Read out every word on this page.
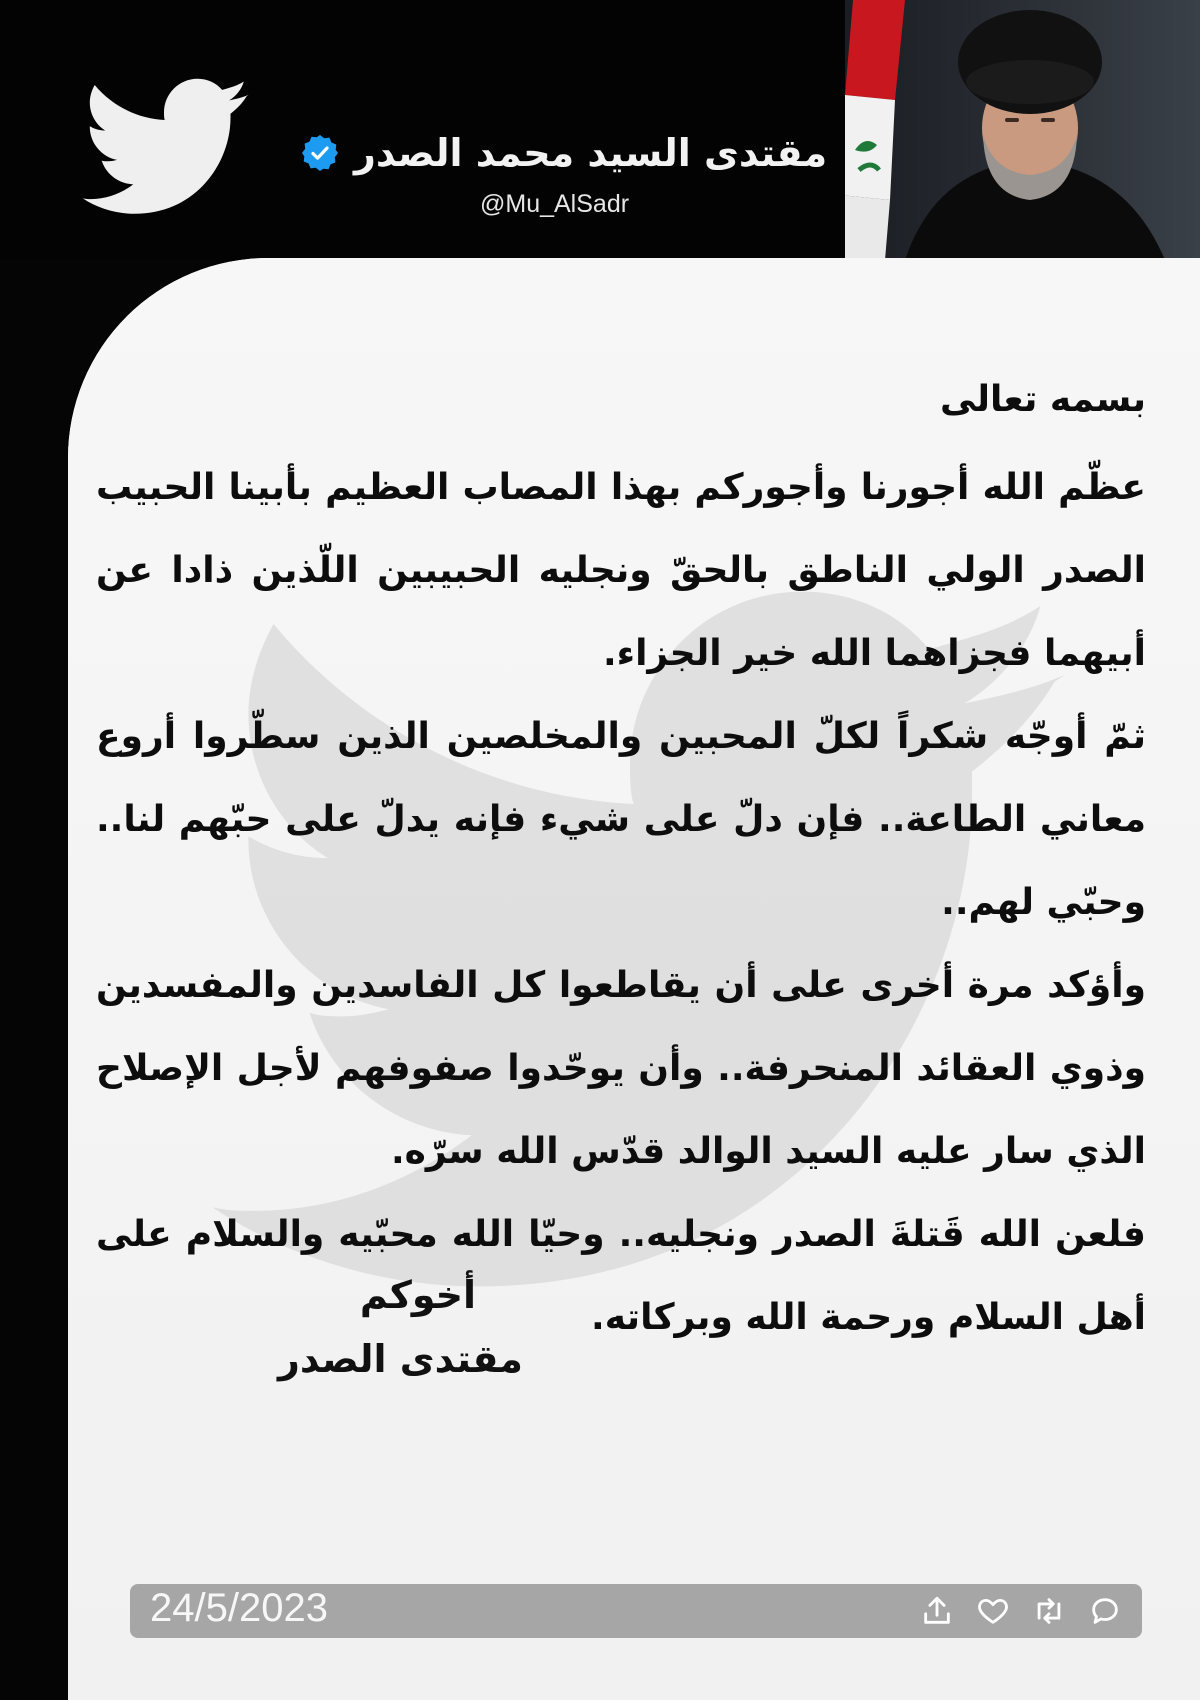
مقتدى السيد محمد الصدر
@Mu_AlSadr

بسمه تعالى

عظّم الله أجورنا وأجوركم بهذا المصاب العظيم بأبينا الحبيب الصدر الولي الناطق بالحقّ ونجليه الحبيبين اللّذين ذادا عن أبيهما فجزاهما الله خير الجزاء.

ثمّ أوجّه شكراً لكلّ المحبين والمخلصين الذين سطّروا أروع معاني الطاعة.. فإن دلّ على شيء فإنه يدلّ على حبّهم لنا.. وحبّي لهم..

وأؤكد مرة أخرى على أن يقاطعوا كل الفاسدين والمفسدين وذوي العقائد المنحرفة.. وأن يوحّدوا صفوفهم لأجل الإصلاح الذي سار عليه السيد الوالد قدّس الله سرّه.

فلعن الله قَتلةَ الصدر ونجليه.. وحيّا الله محبّيه والسلام على أهل السلام ورحمة الله وبركاته.

أخوكم
مقتدى الصدر
24/5/2023
